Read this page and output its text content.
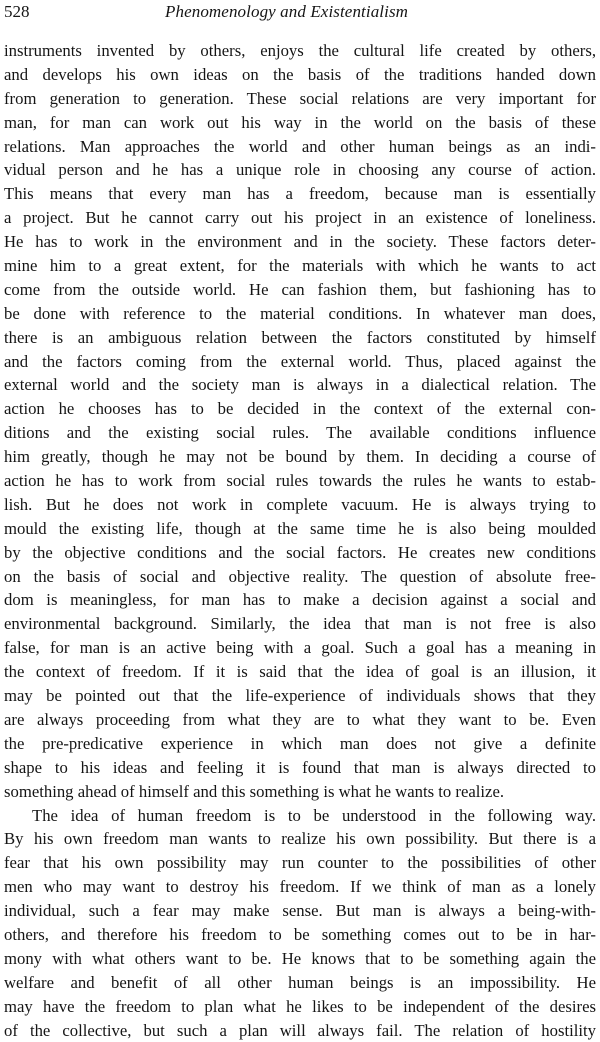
528	Phenomenology and Existentialism
instruments invented by others, enjoys the cultural life created by others,
and develops his own ideas on the basis of the traditions handed down
from generation to generation. These social relations are very important for
man, for man can work out his way in the world on the basis of these
relations. Man approaches the world and other human beings as an indi-
vidual person and he has a unique role in choosing any course of action.
This means that every man has a freedom, because man is essentially
a project. But he cannot carry out his project in an existence of loneliness.
He has to work in the environment and in the society. These factors deter-
mine him to a great extent, for the materials with which he wants to act
come from the outside world. He can fashion them, but fashioning has to
be done with reference to the material conditions. In whatever man does,
there is an ambiguous relation between the factors constituted by himself
and the factors coming from the external world. Thus, placed against the
external world and the society man is always in a dialectical relation. The
action he chooses has to be decided in the context of the external con-
ditions and the existing social rules. The available conditions influence
him greatly, though he may not be bound by them. In deciding a course of
action he has to work from social rules towards the rules he wants to estab-
lish. But he does not work in complete vacuum. He is always trying to
mould the existing life, though at the same time he is also being moulded
by the objective conditions and the social factors. He creates new conditions
on the basis of social and objective reality. The question of absolute free-
dom is meaningless, for man has to make a decision against a social and
environmental background. Similarly, the idea that man is not free is also
false, for man is an active being with a goal. Such a goal has a meaning in
the context of freedom. If it is said that the idea of goal is an illusion, it
may be pointed out that the life-experience of individuals shows that they
are always proceeding from what they are to what they want to be. Even
the pre-predicative experience in which man does not give a definite
shape to his ideas and feeling it is found that man is always directed to
something ahead of himself and this something is what he wants to realize.
The idea of human freedom is to be understood in the following way.
By his own freedom man wants to realize his own possibility. But there is a
fear that his own possibility may run counter to the possibilities of other
men who may want to destroy his freedom. If we think of man as a lonely
individual, such a fear may make sense. But man is always a being-with-
others, and therefore his freedom to be something comes out to be in har-
mony with what others want to be. He knows that to be something again the
welfare and benefit of all other human beings is an impossibility. He
may have the freedom to plan what he likes to be independent of the desires
of the collective, but such a plan will always fail. The relation of hostility
